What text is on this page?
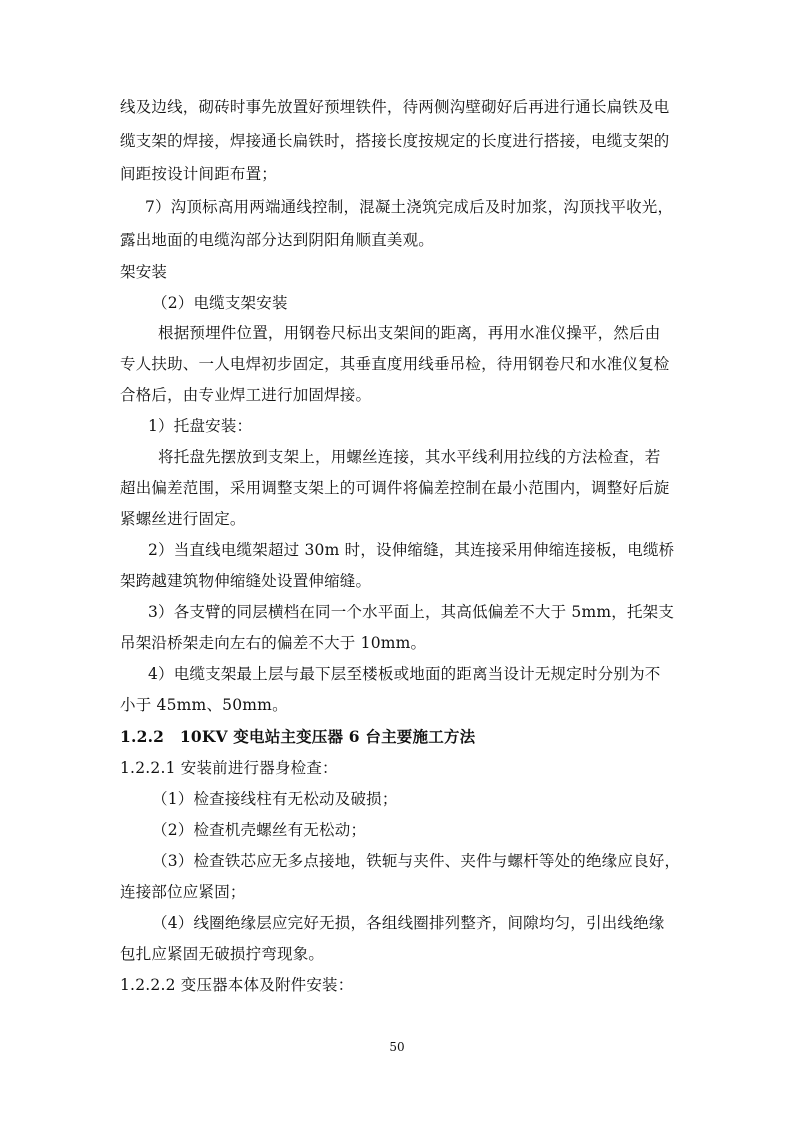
线及边线，砌砖时事先放置好预埋铁件，待两侧沟壁砌好后再进行通长扁铁及电
缆支架的焊接，焊接通长扁铁时，搭接长度按规定的长度进行搭接，电缆支架的
间距按设计间距布置；
7）沟顶标高用两端通线控制，混凝土浇筑完成后及时加浆，沟顶找平收光，
露出地面的电缆沟部分达到阴阳角顺直美观。
架安装
（2）电缆支架安装
根据预埋件位置，用钢卷尺标出支架间的距离，再用水准仪操平，然后由
专人扶助、一人电焊初步固定，其垂直度用线垂吊检，待用钢卷尺和水准仪复检
合格后，由专业焊工进行加固焊接。
1）托盘安装：
将托盘先摆放到支架上，用螺丝连接，其水平线利用拉线的方法检查，若
超出偏差范围，采用调整支架上的可调件将偏差控制在最小范围内，调整好后旋
紧螺丝进行固定。
2）当直线电缆架超过 30m 时，设伸缩缝，其连接采用伸缩连接板，电缆桥
架跨越建筑物伸缩缝处设置伸缩缝。
3）各支臂的同层横档在同一个水平面上，其高低偏差不大于 5mm，托架支
吊架沿桥架走向左右的偏差不大于 10mm。
4）电缆支架最上层与最下层至楼板或地面的距离当设计无规定时分别为不
小于 45mm、50mm。
1.2.2　10KV 变电站主变压器 6 台主要施工方法
1.2.2.1 安装前进行器身检查：
（1）检查接线柱有无松动及破损；
（2）检查机壳螺丝有无松动；
（3）检查铁芯应无多点接地，铁轭与夹件、夹件与螺杆等处的绝缘应良好，
连接部位应紧固；
（4）线圈绝缘层应完好无损，各组线圈排列整齐，间隙均匀，引出线绝缘
包扎应紧固无破损拧弯现象。
1.2.2.2 变压器本体及附件安装：
50
